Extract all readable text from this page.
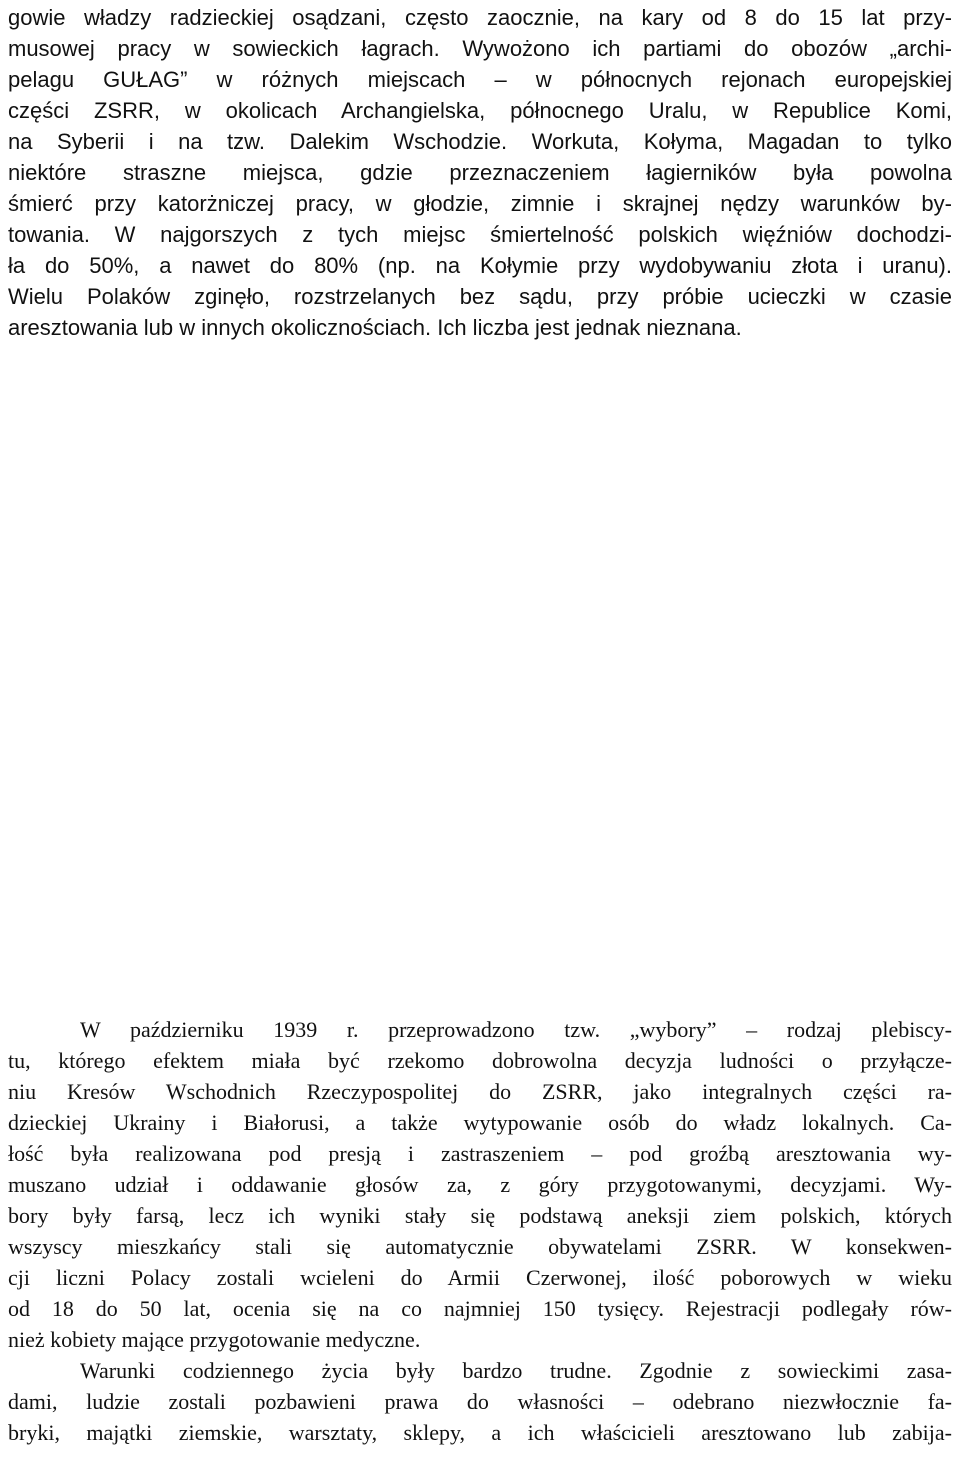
gowie władzy radzieckiej osądzani, często zaocznie, na kary od 8 do 15 lat przy-
musowej pracy w sowieckich łagrach. Wywożono ich partiami do obozów „archi-
pelagu GUŁAG” w różnych miejscach – w północnych rejonach europejskiej
części ZSRR, w okolicach Archangielska, północnego Uralu, w Republice Komi,
na Syberii i na tzw. Dalekim Wschodzie. Workuta, Kołyma, Magadan to tylko
niektóre straszne miejsca, gdzie przeznaczeniem łagierników była powolna
śmierć przy katorżniczej pracy, w głodzie, zimnie i skrajnej nędzy warunków by-
towania. W najgorszych z tych miejsc śmiertelność polskich więźniów dochodzi-
ła do 50%, a nawet do 80% (np. na Kołymie przy wydobywaniu złota i uranu).
Wielu Polaków zginęło, rozstrzelanych bez sądu, przy próbie ucieczki w czasie
aresztowania lub w innych okolicznościach. Ich liczba jest jednak nieznana.
W październiku 1939 r. przeprowadzono tzw. „wybory” – rodzaj plebiscy-
tu, którego efektem miała być rzekomo dobrowolna decyzja ludności o przyłącze-
niu Kresów Wschodnich Rzeczypospolitej do ZSRR, jako integralnych części ra-
dzieckiej Ukrainy i Białorusi, a także wytypowanie osób do władz lokalnych. Ca-
łość była realizowana pod presją i zastraszeniem – pod groźbą aresztowania wy-
muszano udział i oddawanie głosów za, z góry przygotowanymi, decyzjami. Wy-
bory były farsą, lecz ich wyniki stały się podstawą aneksji ziem polskich, których
wszyscy mieszkańcy stali się automatycznie obywatelami ZSRR. W konsekwen-
cji liczni Polacy zostali wcieleni do Armii Czerwonej, ilość poborowych w wieku
od 18 do 50 lat, ocenia się na co najmniej 150 tysięcy. Rejestracji podlegały rów-
nież kobiety mające przygotowanie medyczne.
Warunki codziennego życia były bardzo trudne. Zgodnie z sowieckimi zasa-
dami, ludzie zostali pozbawieni prawa do własności – odebrano niezwłocznie fa-
bryki, majątki ziemskie, warsztaty, sklepy, a ich właścicieli aresztowano lub zabija-
